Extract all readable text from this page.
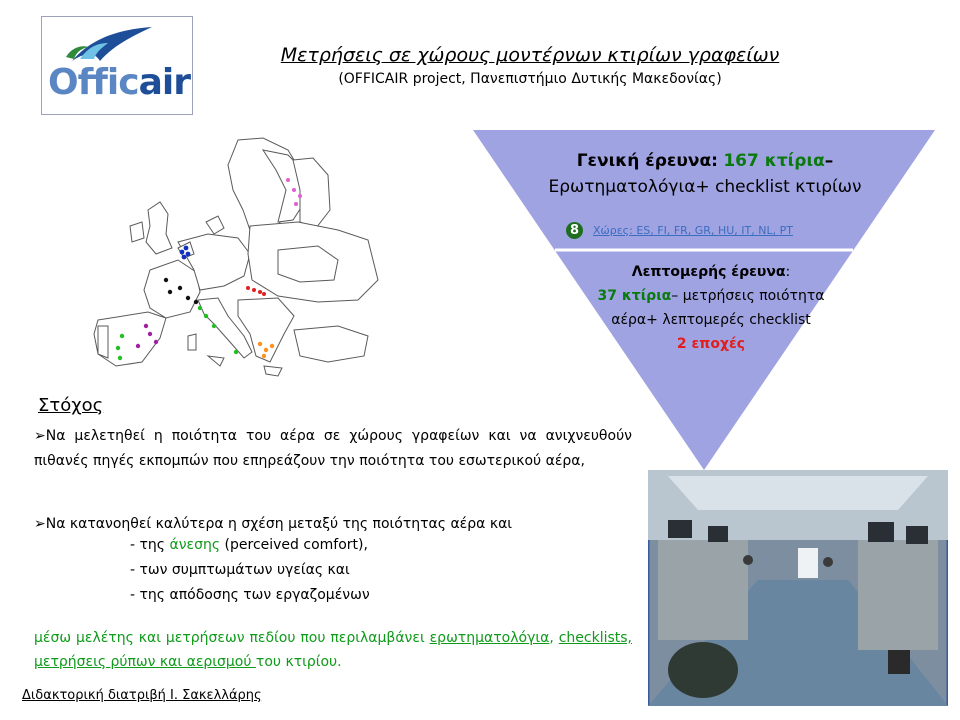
Officair
Μετρήσεις σε χώρους μοντέρνων κτιρίων γραφείων
(OFFICAIR project, Πανεπιστήμιο Δυτικής Μακεδονίας)
Γενική έρευνα: 167 κτίρια–
Ερωτηματολόγια+ checklist κτιρίων
8 Χώρες: ES, FI, FR, GR, HU, IT, NL, PT
Λεπτομερής έρευνα:
37 κτίρια– μετρήσεις ποιότητα αέρα+ λεπτομερές checklist
2 εποχές
Στόχος
➢Να μελετηθεί η ποιότητα του αέρα σε χώρους γραφείων και να ανιχνευθούν πιθανές πηγές εκπομπών που επηρεάζουν την ποιότητα του εσωτερικού αέρα,
➢Να κατανοηθεί καλύτερα η σχέση μεταξύ της ποιότητας αέρα και
- της άνεσης (perceived comfort),
- των συμπτωμάτων υγείας και
- της απόδοσης των εργαζομένων
μέσω μελέτης και μετρήσεων πεδίου που περιλαμβάνει ερωτηματολόγια, checklists, μετρήσεις ρύπων και αερισμού του κτιρίου.
Διδακτορική διατριβή Ι. Σακελλάρης
